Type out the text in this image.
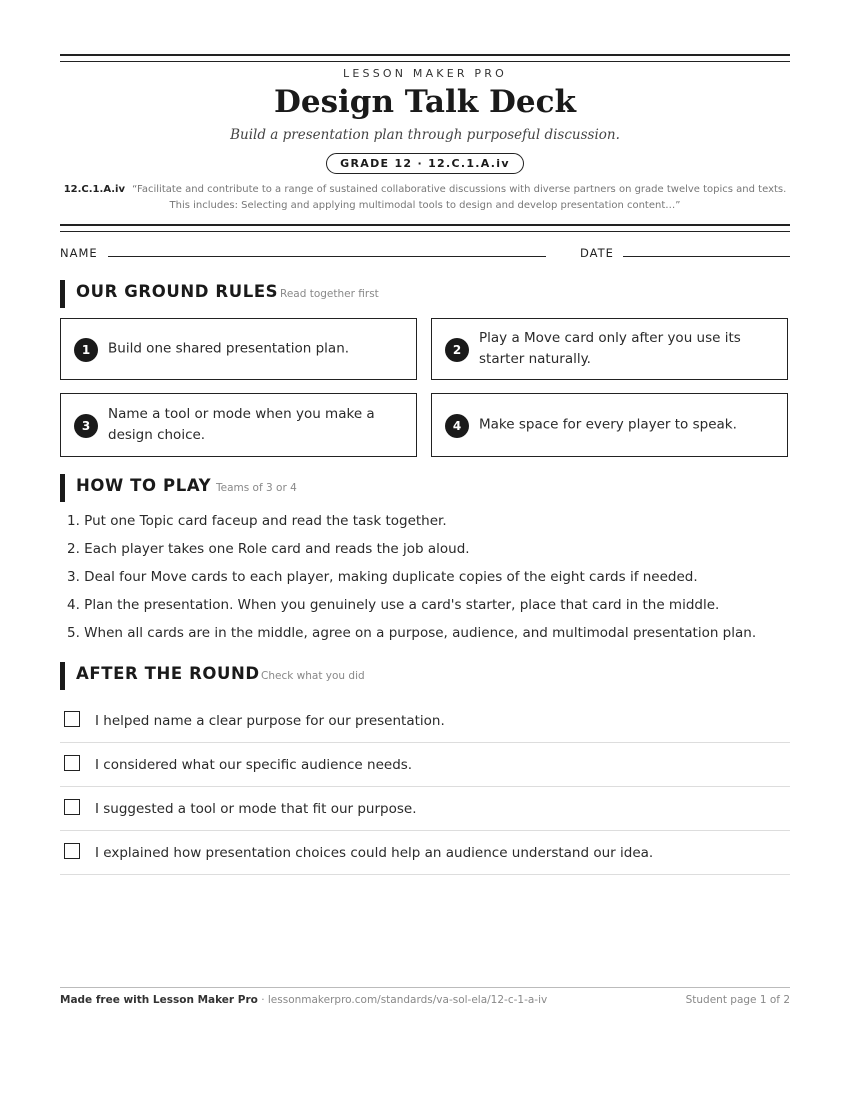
LESSON MAKER PRO
Design Talk Deck
Build a presentation plan through purposeful discussion.
GRADE 12 · 12.C.1.A.iv
12.C.1.A.iv “Facilitate and contribute to a range of sustained collaborative discussions with diverse partners on grade twelve topics and texts. This includes: Selecting and applying multimodal tools to design and develop presentation content…”
NAME	DATE
OUR GROUND RULES Read together first
1	Build one shared presentation plan.	2
Play a Move card only after you use its starter naturally.
3
Name a tool or mode when you make a design choice.
4	Make space for every player to speak.
HOW TO PLAY Teams of 3 or 4
1. Put one Topic card faceup and read the task together.
2. Each player takes one Role card and reads the job aloud.
3. Deal four Move cards to each player, making duplicate copies of the eight cards if needed.
4. Plan the presentation. When you genuinely use a card's starter, place that card in the middle.
5. When all cards are in the middle, agree on a purpose, audience, and multimodal presentation plan.
AFTER THE ROUND Check what you did
I helped name a clear purpose for our presentation.
I considered what our specific audience needs.
I suggested a tool or mode that fit our purpose.
I explained how presentation choices could help an audience understand our idea.
Made free with Lesson Maker Pro · lessonmakerpro.com/standards/va-sol-ela/12-c-1-a-iv	Student page 1 of 2
